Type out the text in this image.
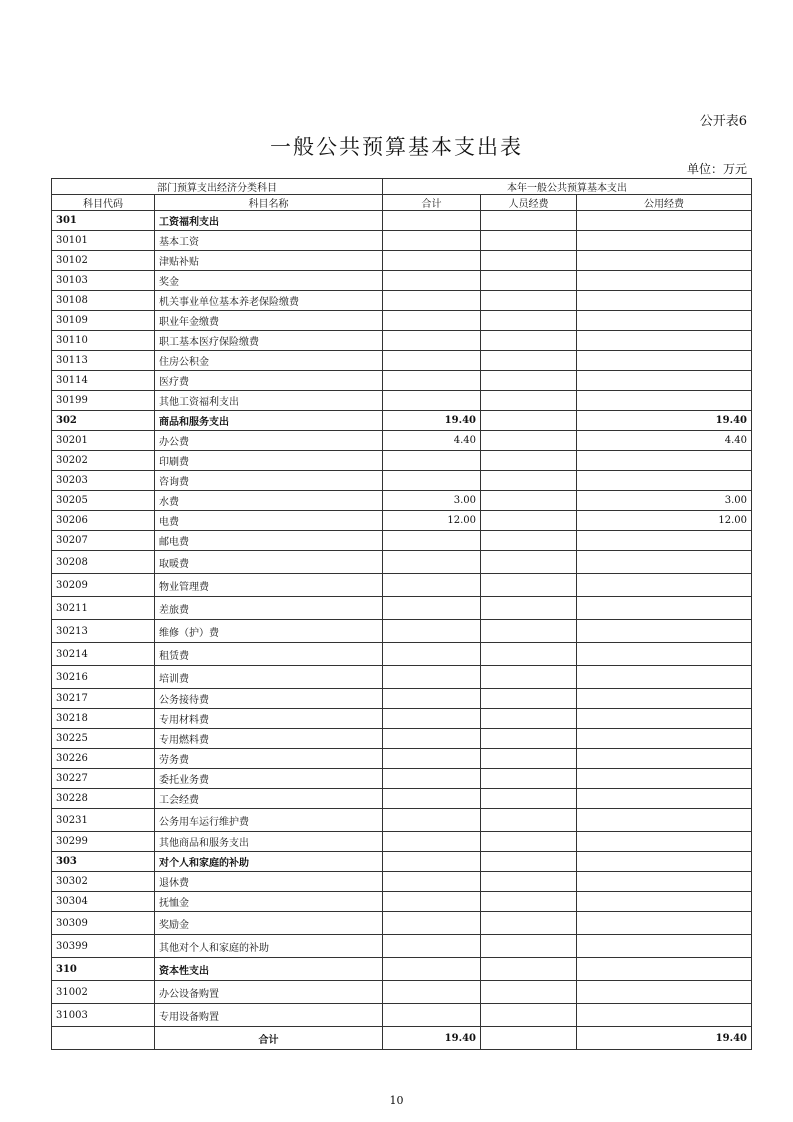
公开表6
一般公共预算基本支出表
单位：万元
部门预算支出经济分类科目		本年一般公共预算基本支出		
科目代码	科目名称	合计	人员经费	公用经费
301	工资福利支出			
30101	基本工资			
30102	津贴补贴			
30103	奖金			
30108	机关事业单位基本养老保险缴费			
30109	职业年金缴费			
30110	职工基本医疗保险缴费			
30113	住房公积金			
30114	医疗费			
30199	其他工资福利支出			
302	商品和服务支出	19.40		19.40
30201	办公费	4.40		4.40
30202	印刷费			
30203	咨询费			
30205	水费	3.00		3.00
30206	电费	12.00		12.00
30207	邮电费			
30208	取暖费			
30209	物业管理费			
30211	差旅费			
30213	维修（护）费			
30214	租赁费			
30216	培训费			
30217	公务接待费			
30218	专用材料费			
30225	专用燃料费			
30226	劳务费			
30227	委托业务费			
30228	工会经费			
30231	公务用车运行维护费			
30299	其他商品和服务支出			
303	对个人和家庭的补助			
30302	退休费			
30304	抚恤金			
30309	奖励金			
30399	其他对个人和家庭的补助			
310	资本性支出			
31002	办公设备购置			
31003	专用设备购置			
	合计	19.40		19.40
10
